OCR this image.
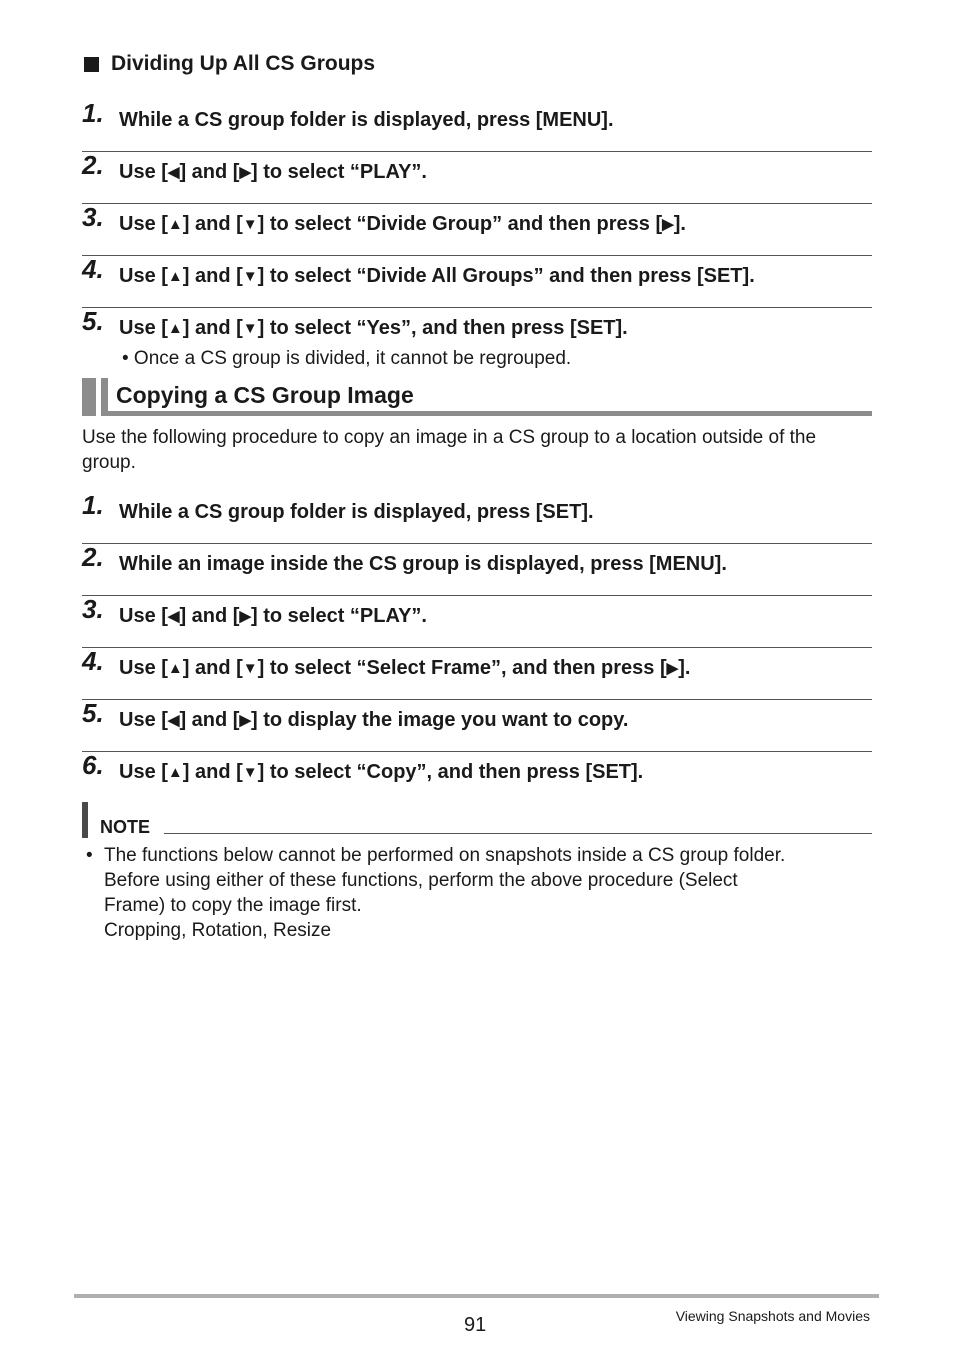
Dividing Up All CS Groups
1. While a CS group folder is displayed, press [MENU].
2. Use [◀] and [▶] to select “PLAY”.
3. Use [▲] and [▼] to select “Divide Group” and then press [▶].
4. Use [▲] and [▼] to select “Divide All Groups” and then press [SET].
5. Use [▲] and [▼] to select “Yes”, and then press [SET].
• Once a CS group is divided, it cannot be regrouped.
Copying a CS Group Image
Use the following procedure to copy an image in a CS group to a location outside of the group.
1. While a CS group folder is displayed, press [SET].
2. While an image inside the CS group is displayed, press [MENU].
3. Use [◀] and [▶] to select “PLAY”.
4. Use [▲] and [▼] to select “Select Frame”, and then press [▶].
5. Use [◀] and [▶] to display the image you want to copy.
6. Use [▲] and [▼] to select “Copy”, and then press [SET].
NOTE
• The functions below cannot be performed on snapshots inside a CS group folder.
Before using either of these functions, perform the above procedure (Select
Frame) to copy the image first.
Cropping, Rotation, Resize
91	Viewing Snapshots and Movies
